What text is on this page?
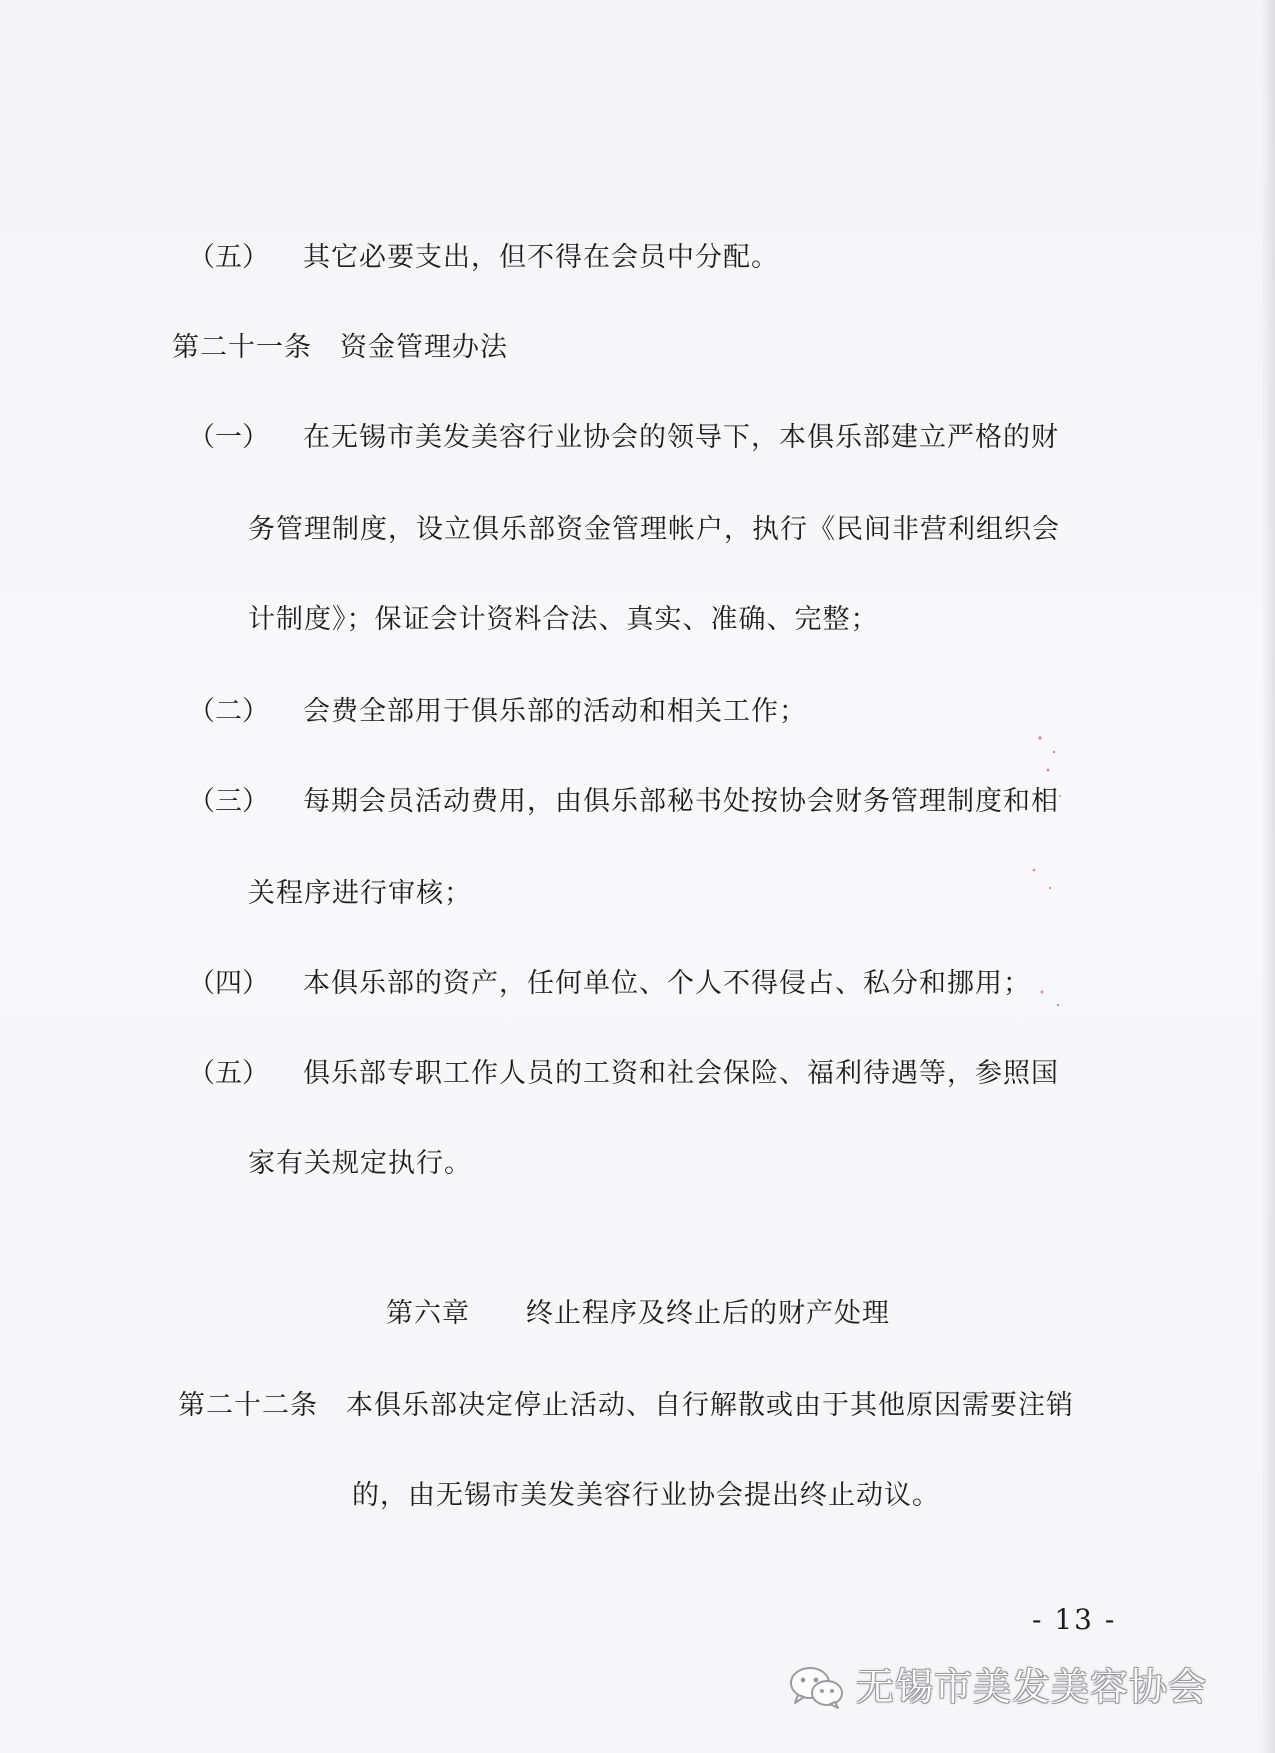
（五） 其它必要支出，但不得在会员中分配。
第二十一条　资金管理办法
（一） 在无锡市美发美容行业协会的领导下，本俱乐部建立严格的财
务管理制度，设立俱乐部资金管理帐户，执行《民间非营利组织会
计制度》；保证会计资料合法、真实、准确、完整；
（二） 会费全部用于俱乐部的活动和相关工作；
（三） 每期会员活动费用，由俱乐部秘书处按协会财务管理制度和相
关程序进行审核；
（四） 本俱乐部的资产，任何单位、个人不得侵占、私分和挪用；
（五） 俱乐部专职工作人员的工资和社会保险、福利待遇等，参照国
家有关规定执行。
第六章　　终止程序及终止后的财产处理
第二十二条　本俱乐部决定停止活动、自行解散或由于其他原因需要注销
的，由无锡市美发美容行业协会提出终止动议。
- 13 -
无锡市美发美容协会
